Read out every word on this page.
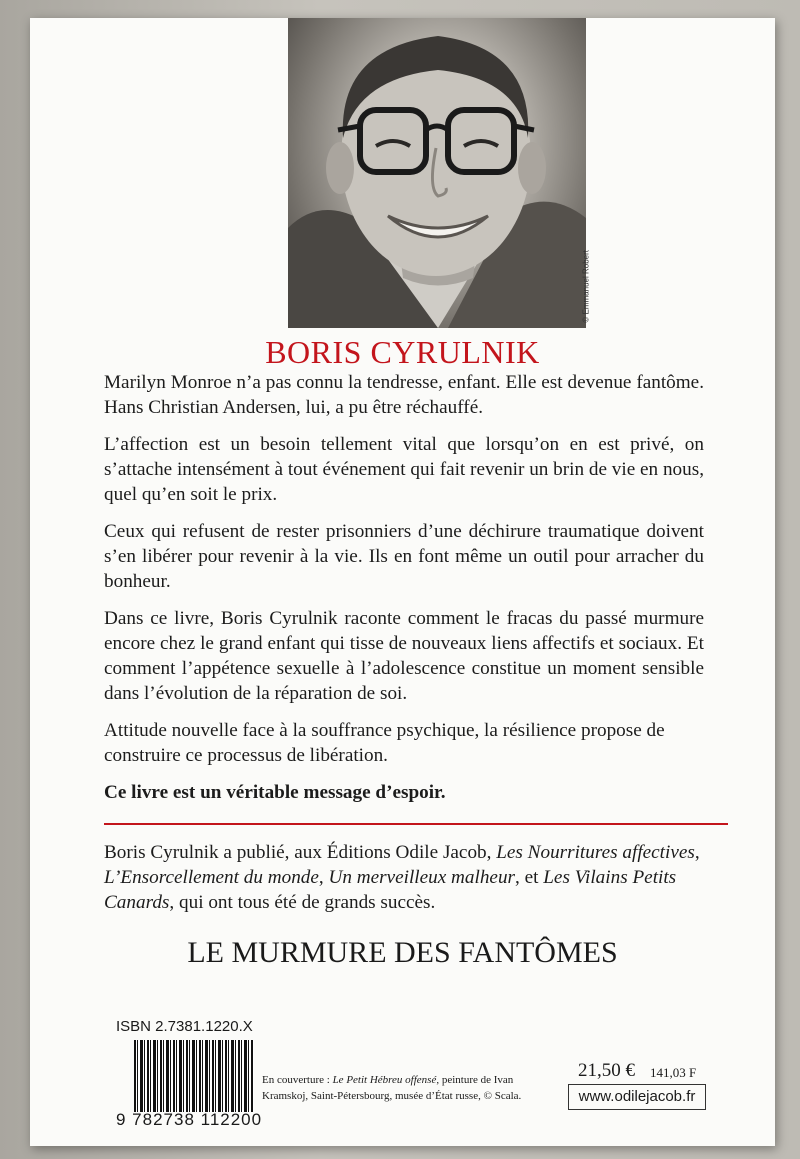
© Emmanuel Robert
BORIS CYRULNIK

Marilyn Monroe n’a pas connu la tendresse, enfant. Elle est devenue fantôme. Hans Christian Andersen, lui, a pu être réchauffé.

L’affection est un besoin tellement vital que lorsqu’on en est privé, on s’attache intensément à tout événement qui fait revenir un brin de vie en nous, quel qu’en soit le prix.

Ceux qui refusent de rester prisonniers d’une déchirure traumatique doivent s’en libérer pour revenir à la vie. Ils en font même un outil pour arracher du bonheur.

Dans ce livre, Boris Cyrulnik raconte comment le fracas du passé murmure encore chez le grand enfant qui tisse de nouveaux liens affectifs et sociaux. Et comment l’appétence sexuelle à l’adolescence constitue un moment sensible dans l’évolution de la réparation de soi.

Attitude nouvelle face à la souffrance psychique, la résilience propose de construire ce processus de libération.

Ce livre est un véritable message d’espoir.

Boris Cyrulnik a publié, aux Éditions Odile Jacob, Les Nourritures affectives, L’Ensorcellement du monde, Un merveilleux malheur, et Les Vilains Petits Canards, qui ont tous été de grands succès.

LE MURMURE DES FANTÔMES
ISBN 2.7381.1220.X
9 782738 112200
En couverture : Le Petit Hébreu offensé, peinture de Ivan Kramskoj, Saint-Pétersbourg, musée d’État russe, © Scala.
21,50 € 141,03 F
www.odilejacob.fr
